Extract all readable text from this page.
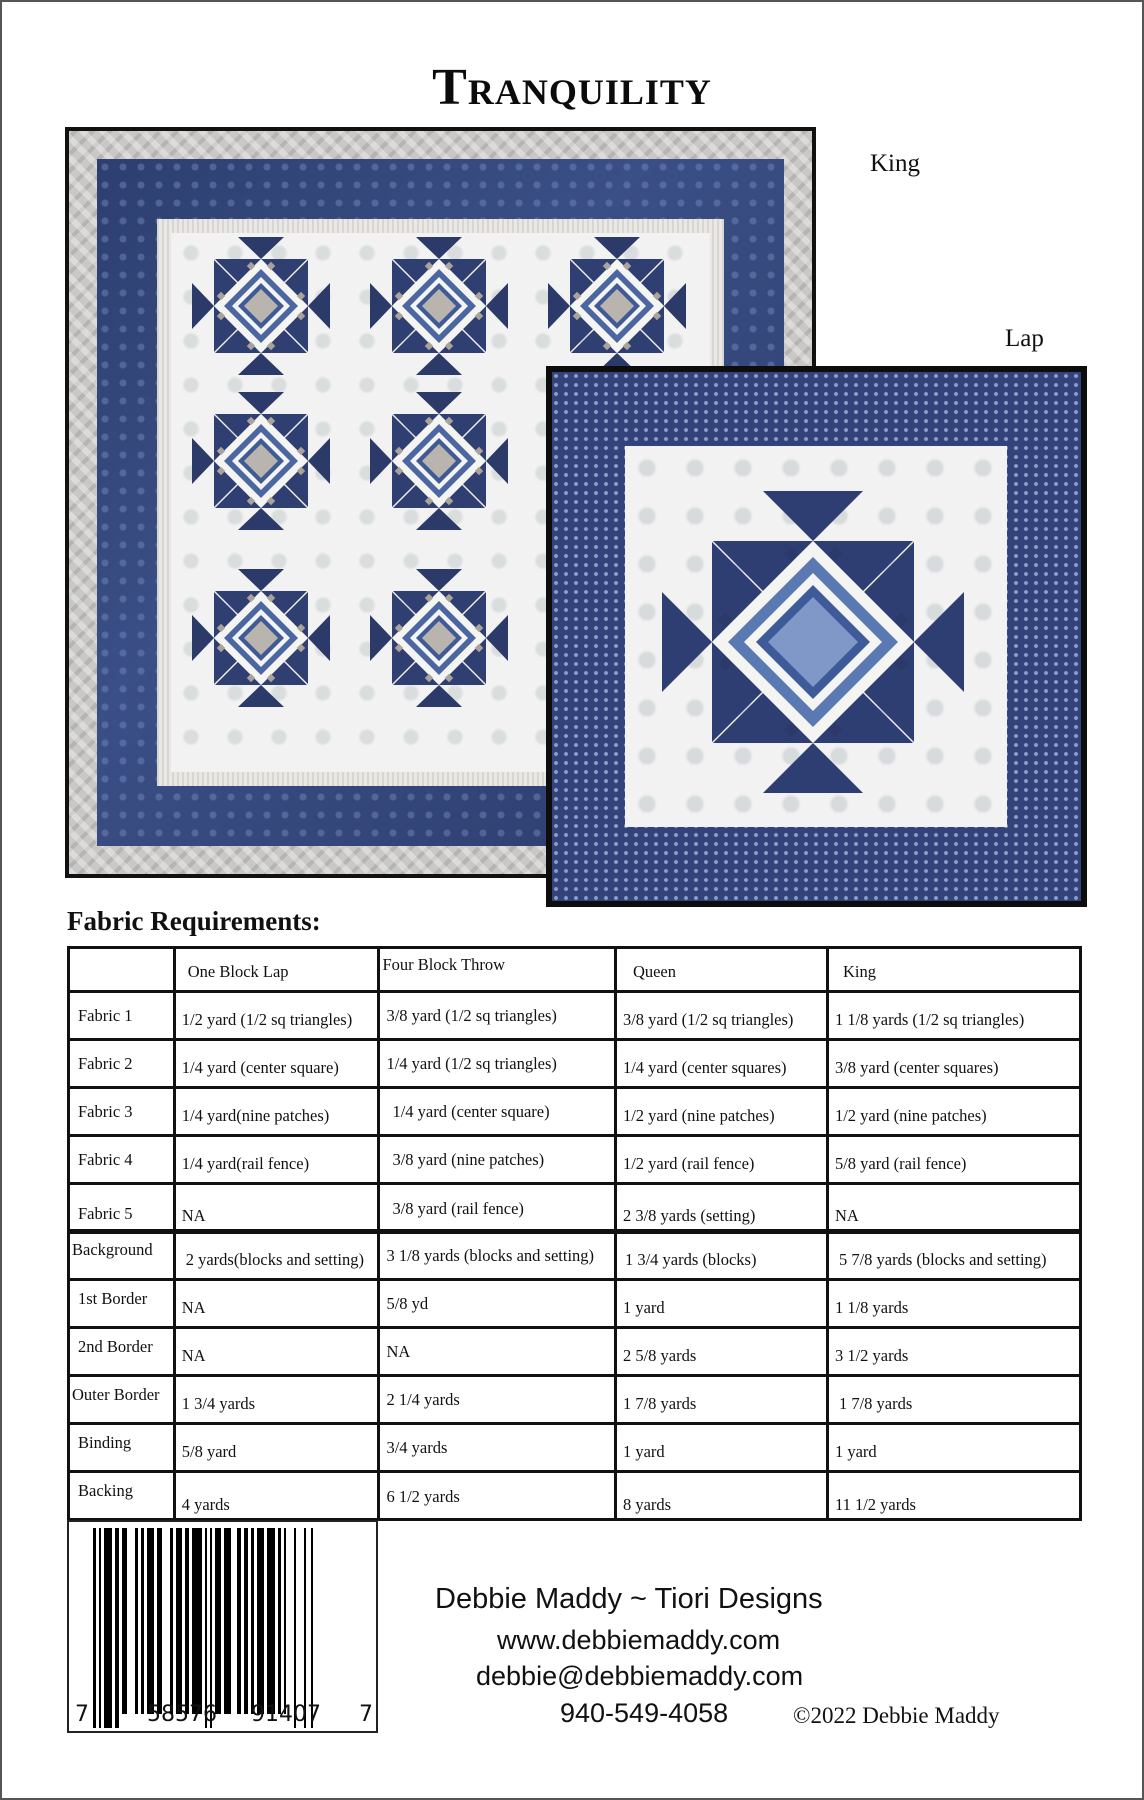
Tranquility
King
Lap
Fabric Requirements:
	One Block Lap	Four Block Throw	Queen	King
Fabric 1	1/2 yard (1/2 sq triangles)	3/8 yard (1/2 sq triangles)	3/8 yard (1/2 sq triangles)	1 1/8 yards (1/2 sq triangles)
Fabric 2	1/4 yard (center square)	1/4 yard (1/2 sq triangles)	1/4 yard (center squares)	3/8 yard (center squares)
Fabric 3	1/4 yard(nine patches)	1/4 yard (center square)	1/2 yard (nine patches)	1/2 yard (nine patches)
Fabric 4	1/4 yard(rail fence)	3/8 yard (nine patches)	1/2 yard (rail fence)	5/8 yard (rail fence)
Fabric 5	NA	3/8 yard (rail fence)	2 3/8 yards (setting)	NA
Background	2 yards(blocks and setting)	3 1/8 yards (blocks and setting)	1 3/4 yards (blocks)	5 7/8 yards (blocks and setting)
1st Border	NA	5/8 yd	1 yard	1 1/8 yards
2nd Border	NA	NA	2 5/8 yards	3 1/2 yards
Outer Border	1 3/4 yards	2 1/4 yards	1 7/8 yards	1 7/8 yards
Binding	5/8 yard	3/4 yards	1 yard	1 yard
Backing	4 yards	6 1/2 yards	8 yards	11 1/2 yards
7	58576 91407 7
Debbie Maddy ~ Tiori Designs
www.debbiemaddy.com
debbie@debbiemaddy.com
940-549-4058	©2022 Debbie Maddy
